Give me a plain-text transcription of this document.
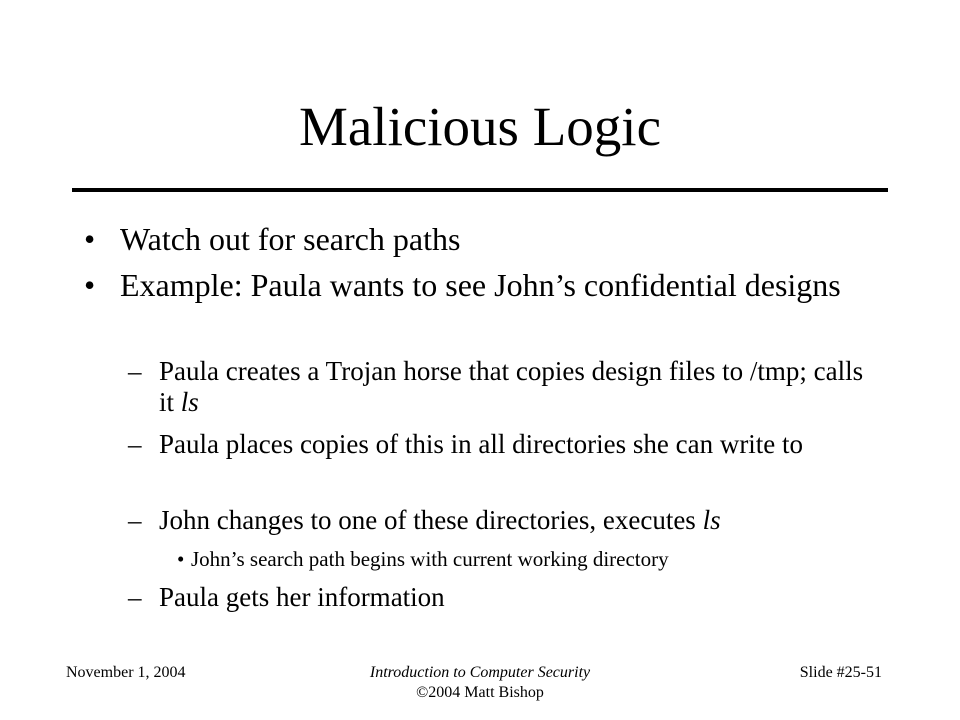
Malicious Logic
• Watch out for search paths
• Example: Paula wants to see John’s confidential designs
– Paula creates a Trojan horse that copies design files to /tmp; calls it ls
– Paula places copies of this in all directories she can write to
– John changes to one of these directories, executes ls
• John’s search path begins with current working directory
– Paula gets her information
November 1, 2004	Introduction to Computer Security
©2004 Matt Bishop
Slide #25-51
